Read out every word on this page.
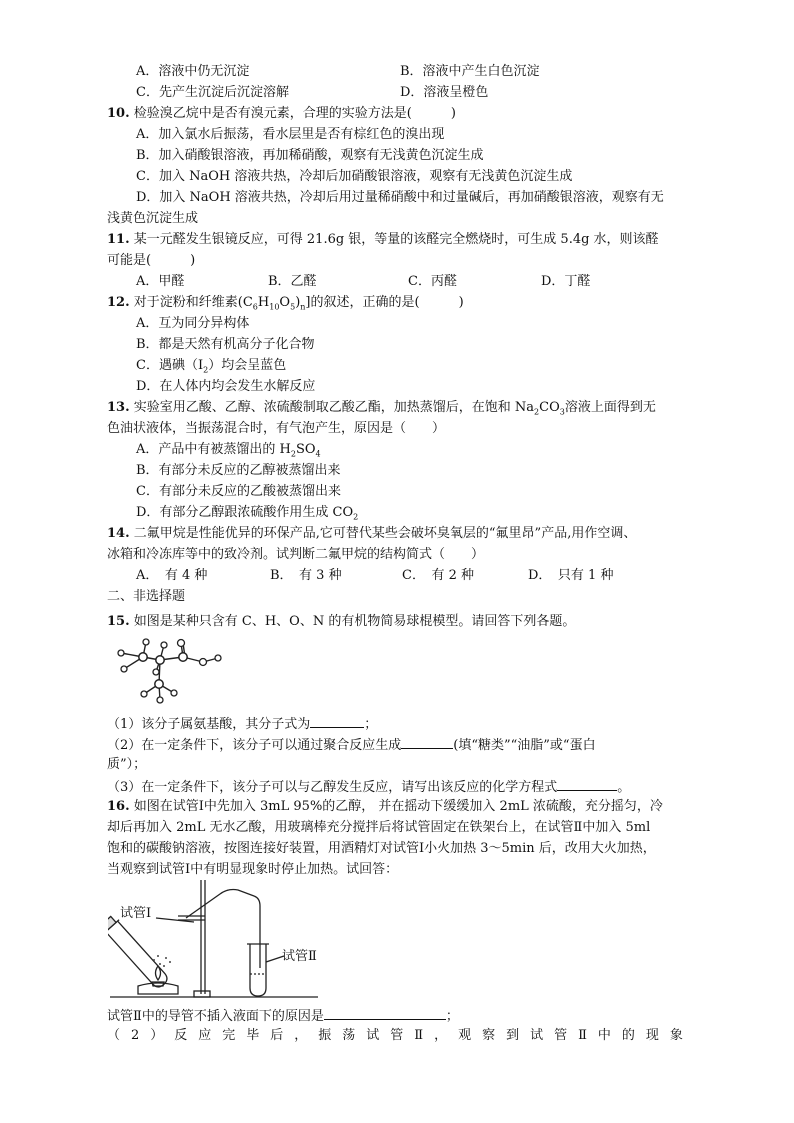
A．溶液中仍无沉淀	B．溶液中产生白色沉淀
C．先产生沉淀后沉淀溶解	D．溶液呈橙色
10. 检验溴乙烷中是否有溴元素，合理的实验方法是(　　　)
A．加入氯水后振荡，看水层里是否有棕红色的溴出现
B．加入硝酸银溶液，再加稀硝酸，观察有无浅黄色沉淀生成
C．加入 NaOH 溶液共热，冷却后加硝酸银溶液，观察有无浅黄色沉淀生成
D．加入 NaOH 溶液共热，冷却后用过量稀硝酸中和过量碱后，再加硝酸银溶液，观察有无
浅黄色沉淀生成
11. 某一元醛发生银镜反应，可得 21.6g 银，等量的该醛完全燃烧时，可生成 5.4g 水，则该醛
可能是(　　　)
A．甲醛	B．乙醛	C．丙醛	D．丁醛
12. 对于淀粉和纤维素$(C_6H_{10}O_5)_n$]的叙述，正确的是(　　　)
A．互为同分异构体
B．都是天然有机高分子化合物
C．遇碘$(I_2)$均会呈蓝色
D．在人体内均会发生水解反应
13. 实验室用乙酸、乙醇、浓硫酸制取乙酸乙酯，加热蒸馏后，在饱和 $Na_2CO_3$溶液上面得到无
色油状液体，当振荡混合时，有气泡产生，原因是（　　）
A．产品中有被蒸馏出的 $H_2SO_4$
B．有部分未反应的乙醇被蒸馏出来
C．有部分未反应的乙酸被蒸馏出来
D．有部分乙醇跟浓硫酸作用生成 $CO_2$
14. 二氟甲烷是性能优异的环保产品,它可替代某些会破坏臭氧层的“氟里昂”产品,用作空调、
冰箱和冷冻库等中的致冷剂。试判断二氟甲烷的结构简式（　　）
A．　有 4 种	B．　有 3 种	C．　有 2 种	D．　只有 1 种
二、非选择题
15. 如图是某种只含有 C、H、O、N 的有机物简易球棍模型。请回答下列各题。
（1）该分子属氨基酸，其分子式为	；
（2）在一定条件下，该分子可以通过聚合反应生成	(填“糖类”“油脂”或“蛋白
质”）；
（3）在一定条件下，该分子可以与乙醇发生反应，请写出该反应的化学方程式	。
16. 如图在试管Ⅰ中先加入 3mL 95%的乙醇， 并在摇动下缓缓加入 2mL 浓硫酸，充分摇匀，冷
却后再加入 2mL 无水乙酸，用玻璃棒充分搅拌后将试管固定在铁架台上，在试管Ⅱ中加入 5ml
饱和的碳酸钠溶液，按图连接好装置，用酒精灯对试管Ⅰ小火加热 3～5min 后，改用大火加热，
当观察到试管Ⅰ中有明显现象时停止加热。试回答：
试管Ⅰ
试管Ⅱ
试管Ⅱ中的导管不插入液面下的原因是	；
（ 2 ） 反 应 完 毕 后 ， 振 荡 试 管 Ⅱ ， 观 察 到 试 管 Ⅱ 中 的 现 象
